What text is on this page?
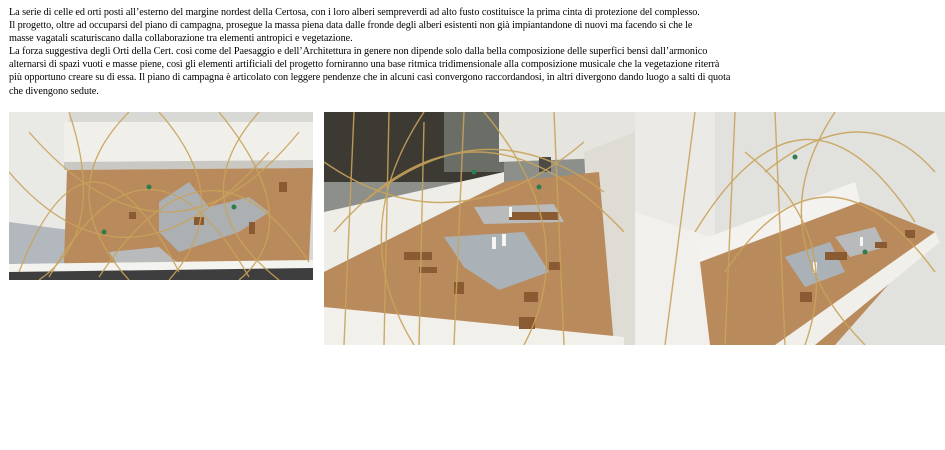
La serie di celle ed orti posti all’esterno del margine nordest della Certosa, con i loro alberi sempreverdi ad alto fusto costituisce la prima cinta di protezione del complesso.

Il progetto, oltre ad occuparsi del piano di campagna, prosegue la massa piena data dalle fronde degli alberi esistenti non già impiantandone di nuovi ma facendo sì che le

masse vagatali scaturiscano dalla collaborazione tra elementi antropici e vegetazione.

La forza suggestiva degli Orti della Cert. così come del Paesaggio e dell’Architettura in genere non dipende solo dalla bella composizione delle superfici bensì dall’armonico

alternarsi di spazi vuoti e masse piene, così gli elementi artificiali del progetto forniranno una base ritmica tridimensionale alla composizione musicale che la vegetazione riterrà

più opportuno creare su di essa. Il piano di campagna è articolato con leggere pendenze che in alcuni casi convergono raccordandosi, in altri divergono dando luogo a salti di quota

che divengono sedute.
